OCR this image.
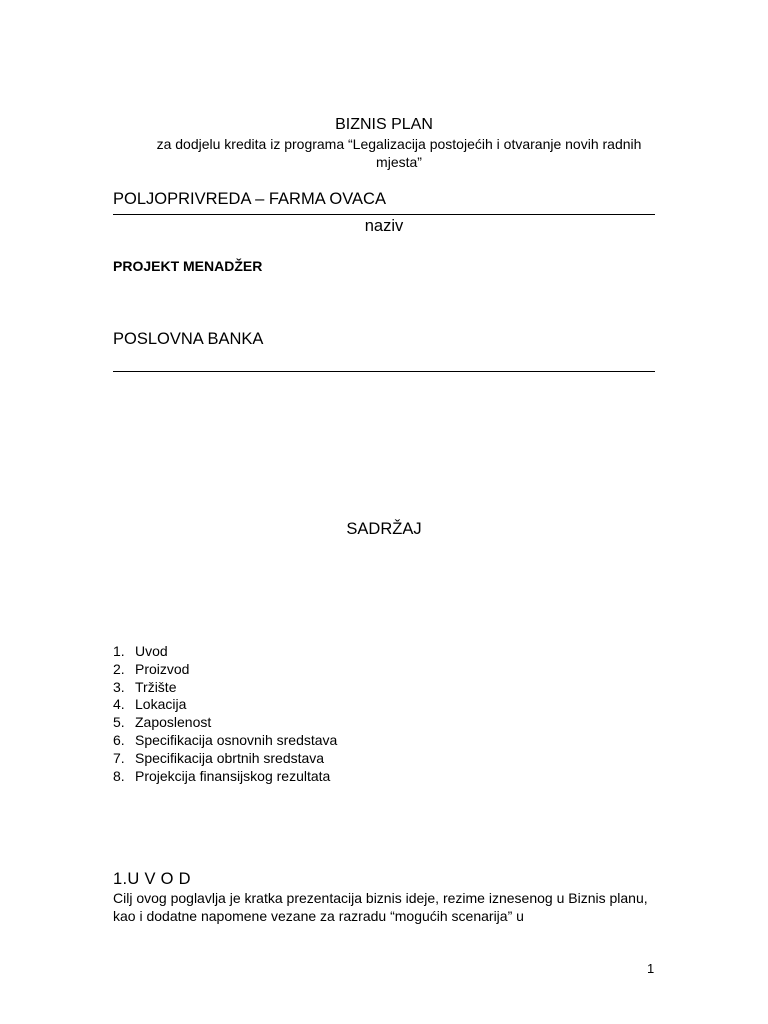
BIZNIS PLAN
za dodjelu kredita iz programa “Legalizacija postojećih i otvaranje novih radnih mjesta”
POLJOPRIVREDA – FARMA OVACA
naziv
PROJEKT MENADŽER
POSLOVNA BANKA
SADRŽAJ
1. Uvod
2. Proizvod
3. Tržište
4. Lokacija
5. Zaposlenost
6. Specifikacija osnovnih sredstava
7. Specifikacija obrtnih sredstava
8. Projekcija finansijskog rezultata
1.U V O D
Cilj ovog poglavlja je kratka prezentacija biznis ideje, rezime iznesenog u Biznis planu, kao i dodatne napomene vezane za razradu “mogućih scenarija” u
1
